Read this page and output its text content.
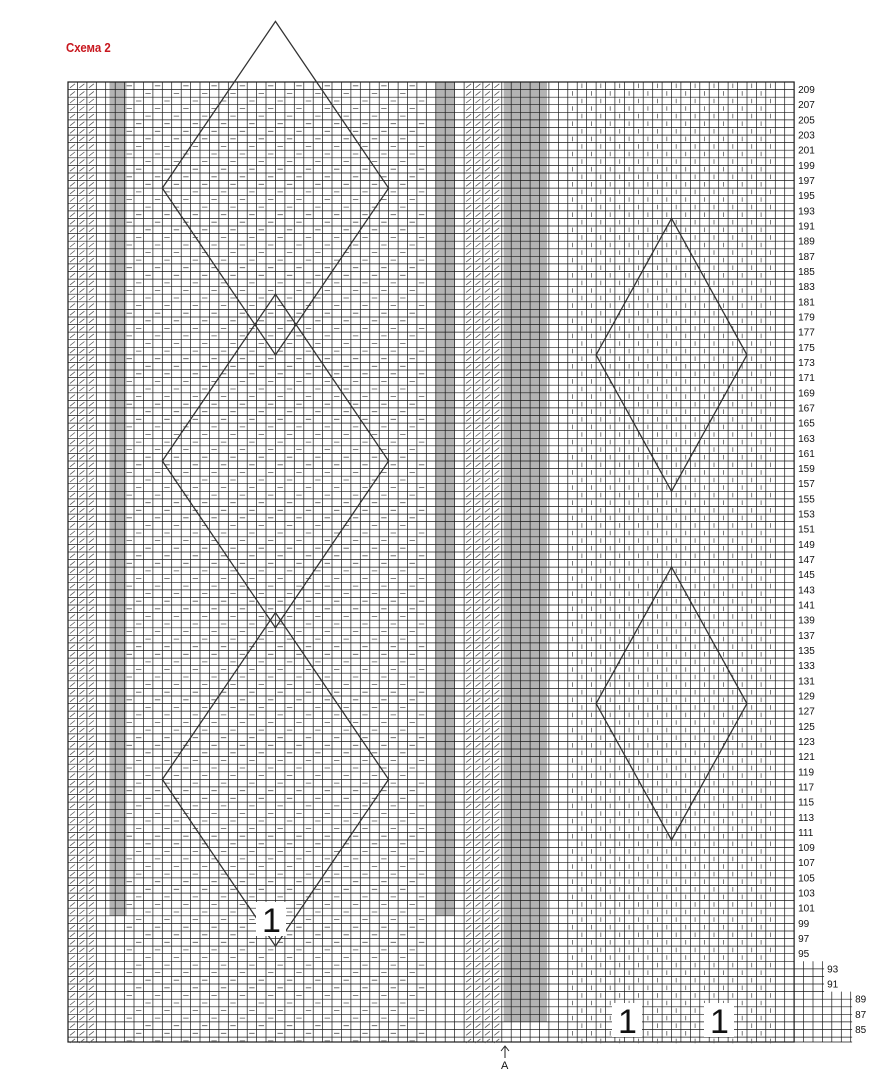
Схема 2
209
207
205
203
201
199
197
195
193
191
189
187
185
183
181
179
177
175
173
171
169
167
165
163
161
159
157
155
153
151
149
147
145
143
141
139
137
135
133
131
129
127
125
123
121
119
117
115
113
111
109
107
105
103
101
99
97
95
93
91
89
87
85
1
1 1
A
